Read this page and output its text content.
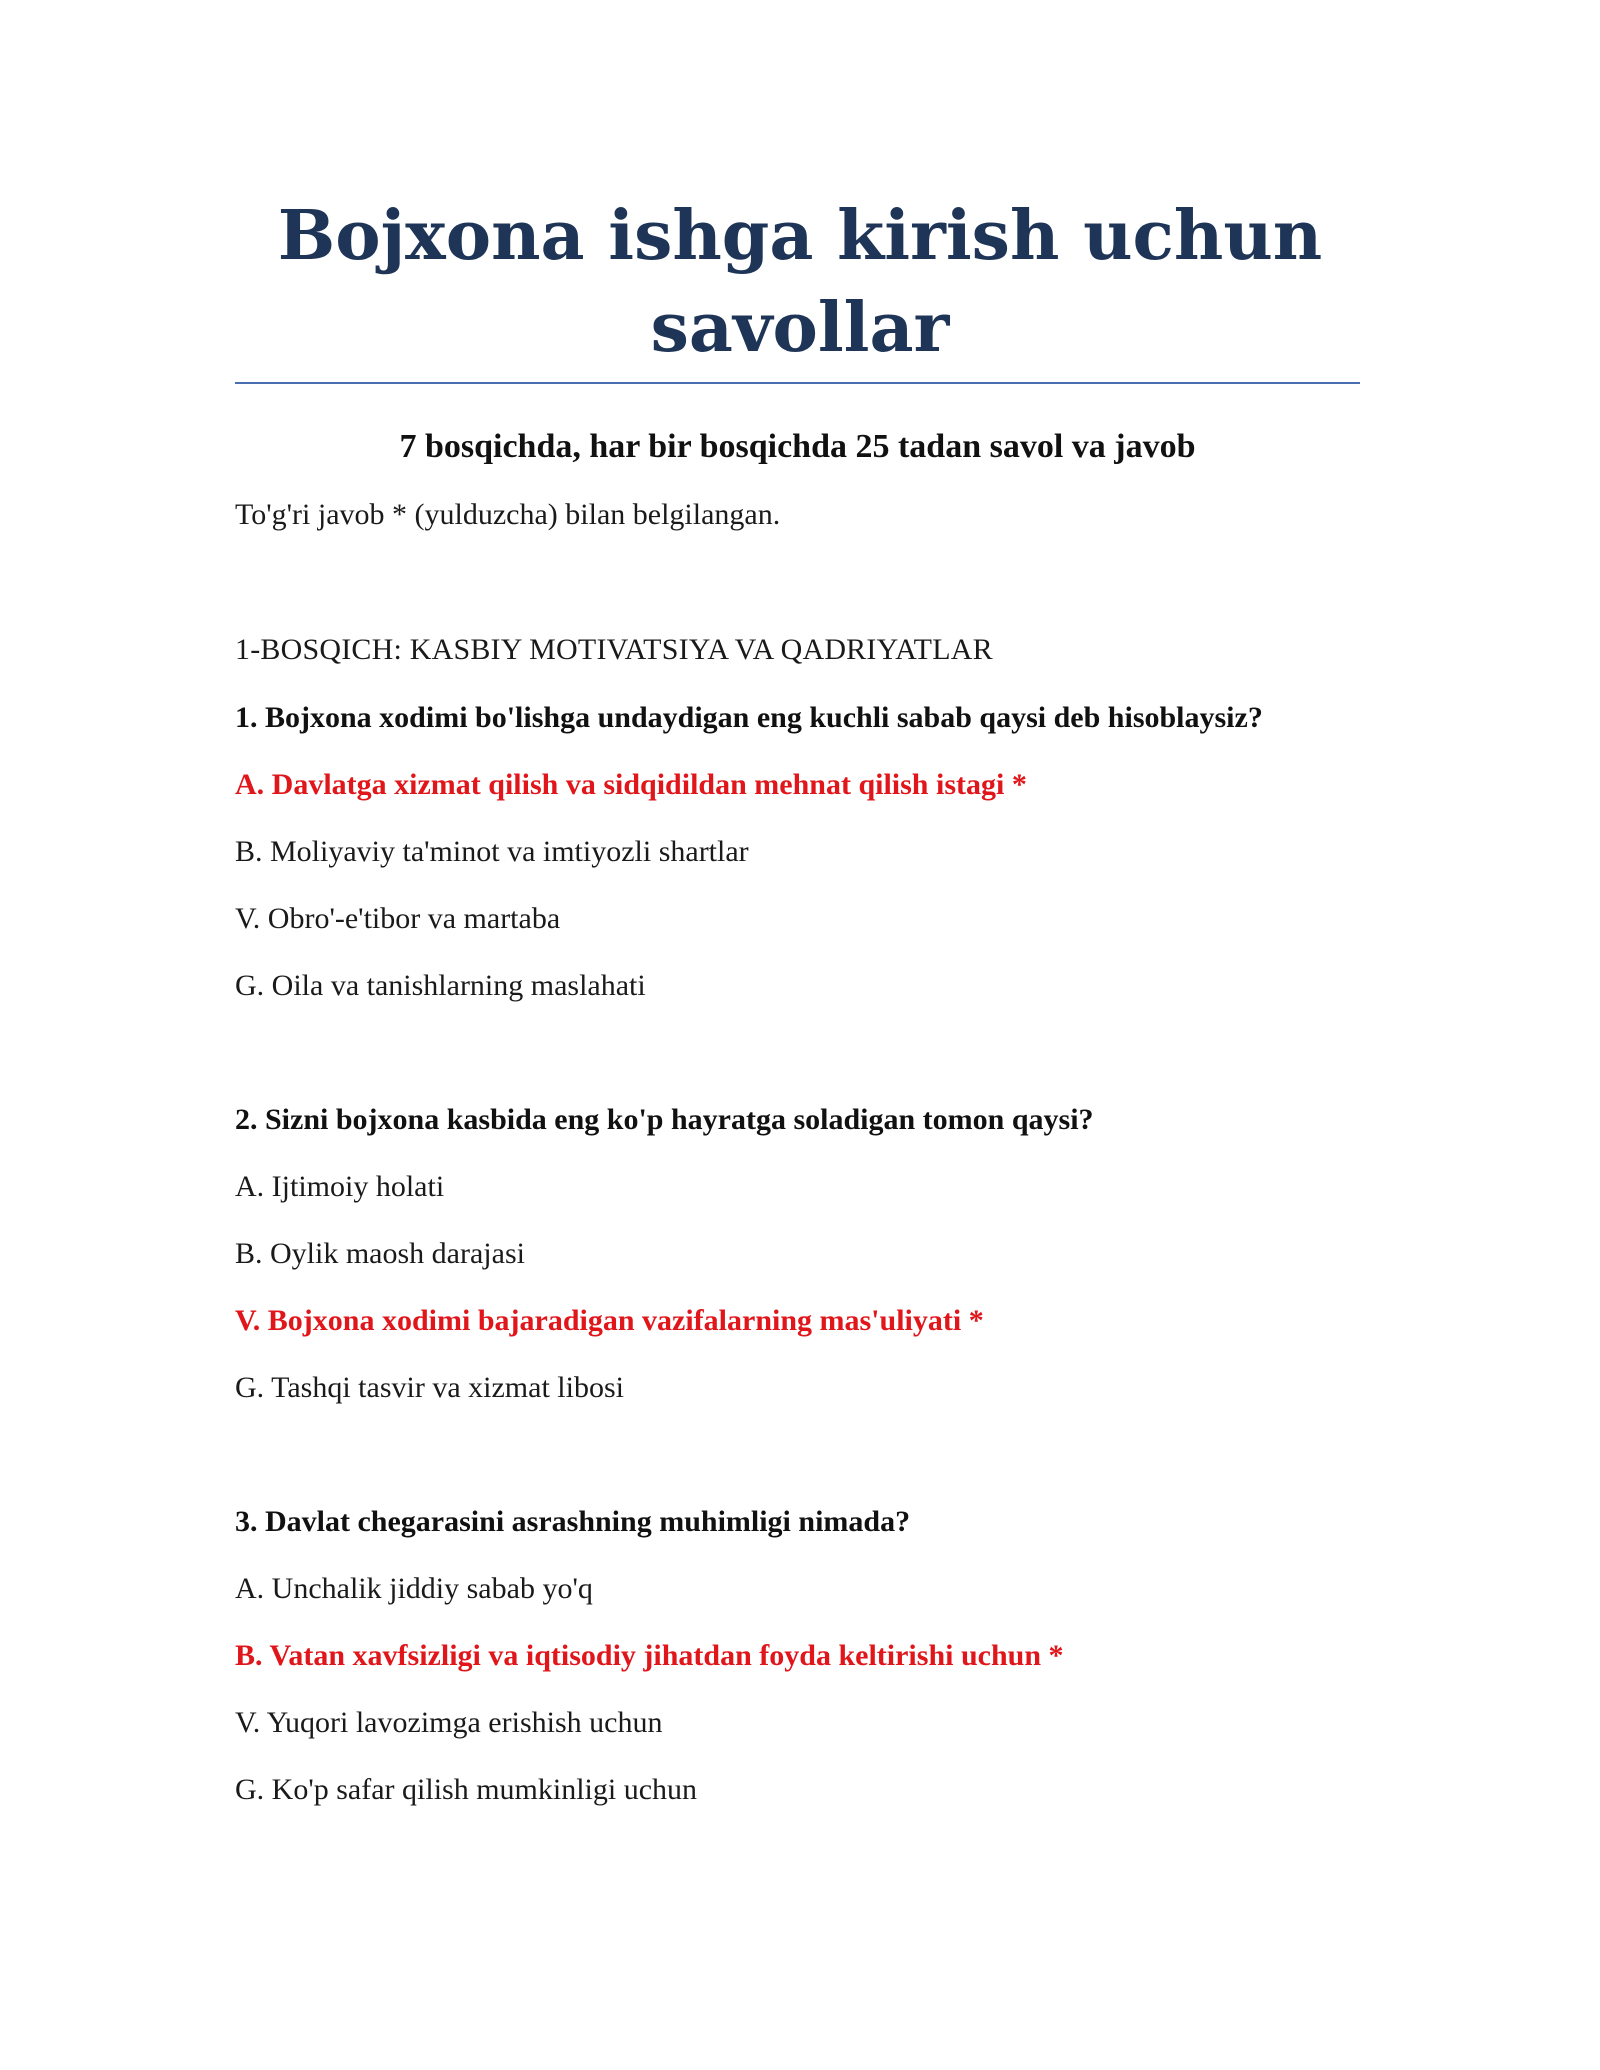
Bojxona ishga kirish uchun savollar
7 bosqichda, har bir bosqichda 25 tadan savol va javob

To'g'ri javob * (yulduzcha) bilan belgilangan.

1-BOSQICH: KASBIY MOTIVATSIYA VA QADRIYATLAR

1. Bojxona xodimi bo'lishga undaydigan eng kuchli sabab qaysi deb hisoblaysiz?

A. Davlatga xizmat qilish va sidqidildan mehnat qilish istagi *

B. Moliyaviy ta'minot va imtiyozli shartlar

V. Obro'-e'tibor va martaba

G. Oila va tanishlarning maslahati

2. Sizni bojxona kasbida eng ko'p hayratga soladigan tomon qaysi?

A. Ijtimoiy holati

B. Oylik maosh darajasi

V. Bojxona xodimi bajaradigan vazifalarning mas'uliyati *

G. Tashqi tasvir va xizmat libosi

3. Davlat chegarasini asrashning muhimligi nimada?

A. Unchalik jiddiy sabab yo'q

B. Vatan xavfsizligi va iqtisodiy jihatdan foyda keltirishi uchun *

V. Yuqori lavozimga erishish uchun

G. Ko'p safar qilish mumkinligi uchun
